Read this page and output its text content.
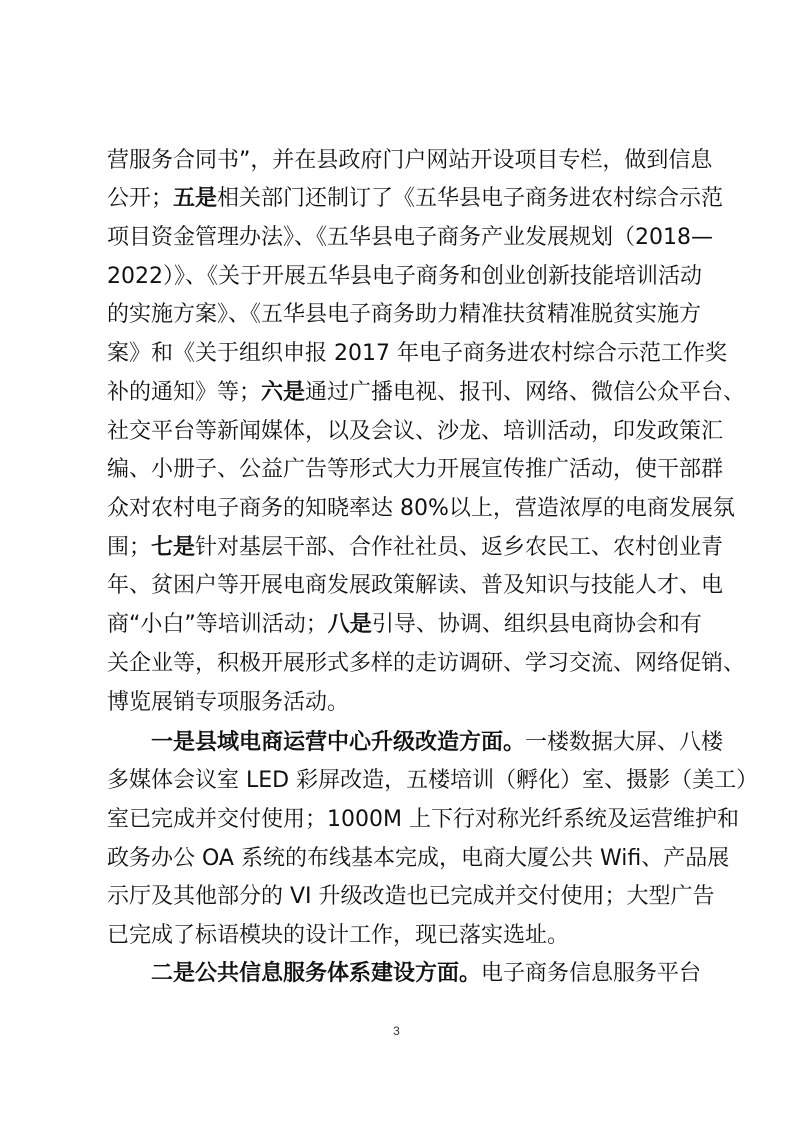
营服务合同书”，并在县政府门户网站开设项目专栏，做到信息
公开；五是相关部门还制订了《五华县电子商务进农村综合示范
项目资金管理办法》、《五华县电子商务产业发展规划（2018—
2022）》、《关于开展五华县电子商务和创业创新技能培训活动
的实施方案》、《五华县电子商务助力精准扶贫精准脱贫实施方
案》和《关于组织申报 2017 年电子商务进农村综合示范工作奖
补的通知》等；六是通过广播电视、报刊、网络、微信公众平台、
社交平台等新闻媒体，以及会议、沙龙、培训活动，印发政策汇
编、小册子、公益广告等形式大力开展宣传推广活动，使干部群
众对农村电子商务的知晓率达 80%以上，营造浓厚的电商发展氛
围；七是针对基层干部、合作社社员、返乡农民工、农村创业青
年、贫困户等开展电商发展政策解读、普及知识与技能人才、电
商“小白”等培训活动；八是引导、协调、组织县电商协会和有
关企业等，积极开展形式多样的走访调研、学习交流、网络促销、
博览展销专项服务活动。
一是县域电商运营中心升级改造方面。一楼数据大屏、八楼
多媒体会议室 LED 彩屏改造，五楼培训（孵化）室、摄影（美工）
室已完成并交付使用；1000M 上下行对称光纤系统及运营维护和
政务办公 OA 系统的布线基本完成，电商大厦公共 Wifi、产品展
示厅及其他部分的 VI 升级改造也已完成并交付使用；大型广告
已完成了标语模块的设计工作，现已落实选址。
二是公共信息服务体系建设方面。电子商务信息服务平台
3
